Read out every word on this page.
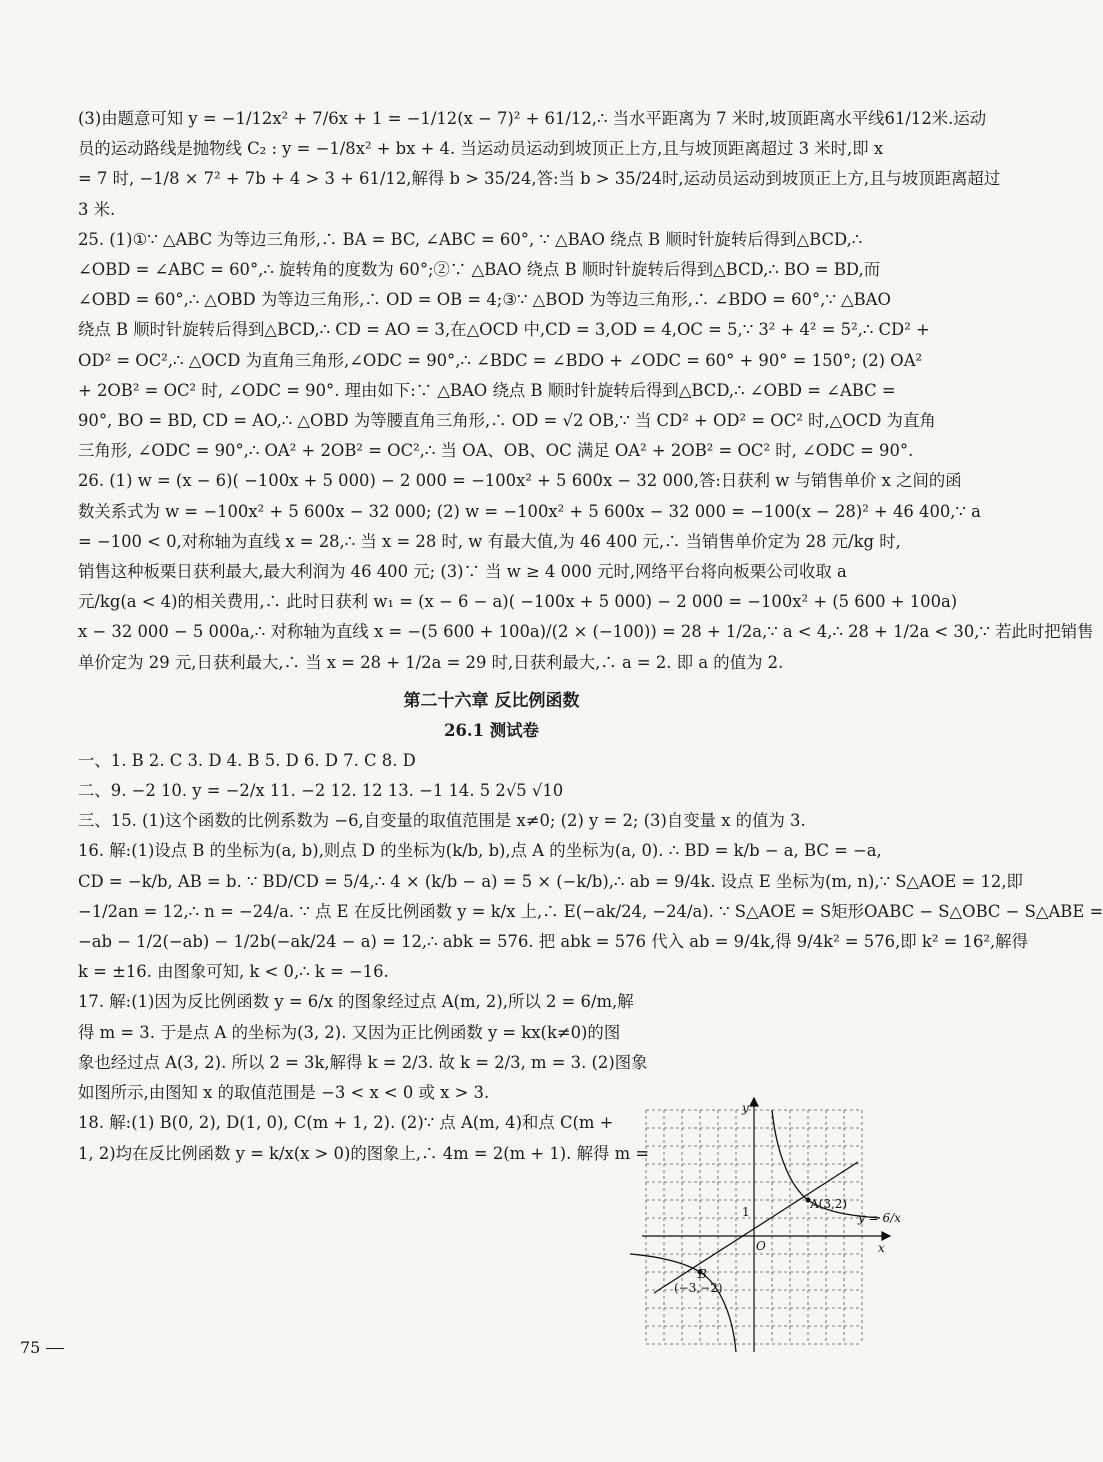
(3)由题意可知 y = −1/12x² + 7/6x + 1 = −1/12(x − 7)² + 61/12,∴ 当水平距离为 7 米时,坡顶距离水平线61/12米.运动

员的运动路线是抛物线 C₂ : y = −1/8x² + bx + 4. 当运动员运动到坡顶正上方,且与坡顶距离超过 3 米时,即 x

= 7 时, −1/8 × 7² + 7b + 4 > 3 + 61/12,解得 b > 35/24,答:当 b > 35/24时,运动员运动到坡顶正上方,且与坡顶距离超过

3 米.

25. (1)①∵ △ABC 为等边三角形,∴ BA = BC, ∠ABC = 60°, ∵ △BAO 绕点 B 顺时针旋转后得到△BCD,∴

∠OBD = ∠ABC = 60°,∴ 旋转角的度数为 60°;②∵ △BAO 绕点 B 顺时针旋转后得到△BCD,∴ BO = BD,而

∠OBD = 60°,∴ △OBD 为等边三角形,∴ OD = OB = 4;③∵ △BOD 为等边三角形,∴ ∠BDO = 60°,∵ △BAO

绕点 B 顺时针旋转后得到△BCD,∴ CD = AO = 3,在△OCD 中,CD = 3,OD = 4,OC = 5,∵ 3² + 4² = 5²,∴ CD² +

OD² = OC²,∴ △OCD 为直角三角形,∠ODC = 90°,∴ ∠BDC = ∠BDO + ∠ODC = 60° + 90° = 150°; (2) OA²

+ 2OB² = OC² 时, ∠ODC = 90°. 理由如下:∵ △BAO 绕点 B 顺时针旋转后得到△BCD,∴ ∠OBD = ∠ABC =

90°, BO = BD, CD = AO,∴ △OBD 为等腰直角三角形,∴ OD = √2 OB,∵ 当 CD² + OD² = OC² 时,△OCD 为直角

三角形, ∠ODC = 90°,∴ OA² + 2OB² = OC²,∴ 当 OA、OB、OC 满足 OA² + 2OB² = OC² 时, ∠ODC = 90°.

26. (1) w = (x − 6)( −100x + 5 000) − 2 000 = −100x² + 5 600x − 32 000,答:日获利 w 与销售单价 x 之间的函

数关系式为 w = −100x² + 5 600x − 32 000; (2) w = −100x² + 5 600x − 32 000 = −100(x − 28)² + 46 400,∵ a

= −100 < 0,对称轴为直线 x = 28,∴ 当 x = 28 时, w 有最大值,为 46 400 元,∴ 当销售单价定为 28 元/kg 时,

销售这种板栗日获利最大,最大利润为 46 400 元; (3)∵ 当 w ≥ 4 000 元时,网络平台将向板栗公司收取 a

元/kg(a < 4)的相关费用,∴ 此时日获利 w₁ = (x − 6 − a)( −100x + 5 000) − 2 000 = −100x² + (5 600 + 100a)

x − 32 000 − 5 000a,∴ 对称轴为直线 x = −(5 600 + 100a)/(2 × (−100)) = 28 + 1/2a,∵ a < 4,∴ 28 + 1/2a < 30,∵ 若此时把销售

单价定为 29 元,日获利最大,∴ 当 x = 28 + 1/2a = 29 时,日获利最大,∴ a = 2. 即 a 的值为 2.

第二十六章 反比例函数

26.1 测试卷

一、1. B 2. C 3. D 4. B 5. D 6. D 7. C 8. D

二、9. −2 10. y = −2/x 11. −2 12. 12 13. −1 14. 5 2√5 √10

三、15. (1)这个函数的比例系数为 −6,自变量的取值范围是 x≠0; (2) y = 2; (3)自变量 x 的值为 3.

16. 解:(1)设点 B 的坐标为(a, b),则点 D 的坐标为(k/b, b),点 A 的坐标为(a, 0). ∴ BD = k/b − a, BC = −a,

CD = −k/b, AB = b. ∵ BD/CD = 5/4,∴ 4 × (k/b − a) = 5 × (−k/b),∴ ab = 9/4k. 设点 E 坐标为(m, n),∵ S△AOE = 12,即

−1/2an = 12,∴ n = −24/a. ∵ 点 E 在反比例函数 y = k/x 上,∴ E(−ak/24, −24/a). ∵ S△AOE = S矩形OABC − S△OBC − S△ABE =

−ab − 1/2(−ab) − 1/2b(−ak/24 − a) = 12,∴ abk = 576. 把 abk = 576 代入 ab = 9/4k,得 9/4k² = 576,即 k² = 16²,解得

k = ±16. 由图象可知, k < 0,∴ k = −16.

17. 解:(1)因为反比例函数 y = 6/x 的图象经过点 A(m, 2),所以 2 = 6/m,解

得 m = 3. 于是点 A 的坐标为(3, 2). 又因为正比例函数 y = kx(k≠0)的图

象也经过点 A(3, 2). 所以 2 = 3k,解得 k = 2/3. 故 k = 2/3, m = 3. (2)图象

如图所示,由图知 x 的取值范围是 −3 < x < 0 或 x > 3.

18. 解:(1) B(0, 2), D(1, 0), C(m + 1, 2). (2)∵ 点 A(m, 4)和点 C(m +

1, 2)均在反比例函数 y = k/x(x > 0)的图象上,∴ 4m = 2(m + 1). 解得 m =

y
x
O
1
A(3,2)
B
(−3,−2)
y = 6/x
75
